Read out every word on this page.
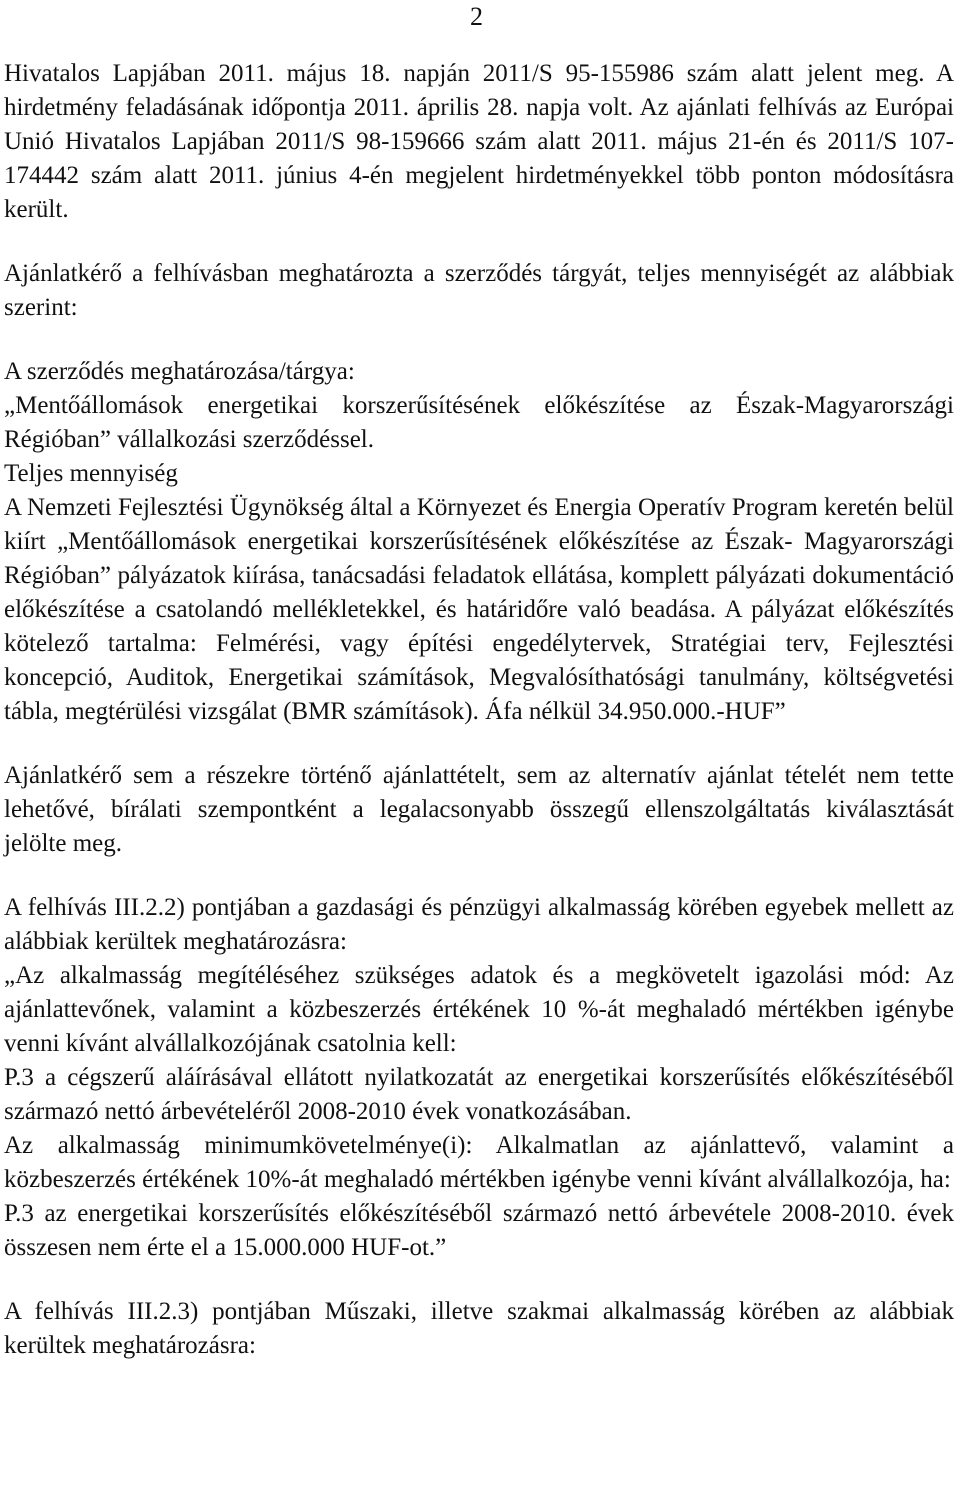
2

Hivatalos Lapjában 2011. május 18. napján 2011/S 95-155986 szám alatt jelent meg. A hirdetmény feladásának időpontja 2011. április 28. napja volt. Az ajánlati felhívás az Európai Unió Hivatalos Lapjában 2011/S 98-159666 szám alatt 2011. május 21-én és 2011/S 107-174442 szám alatt 2011. június 4-én megjelent hirdetményekkel több ponton módosításra került.

Ajánlatkérő a felhívásban meghatározta a szerződés tárgyát, teljes mennyiségét az alábbiak szerint:

A szerződés meghatározása/tárgya:

„Mentőállomások energetikai korszerűsítésének előkészítése az Észak-Magyarországi Régióban” vállalkozási szerződéssel.

Teljes mennyiség

A Nemzeti Fejlesztési Ügynökség által a Környezet és Energia Operatív Program keretén belül kiírt „Mentőállomások energetikai korszerűsítésének előkészítése az Észak- Magyarországi Régióban” pályázatok kiírása, tanácsadási feladatok ellátása, komplett pályázati dokumentáció előkészítése a csatolandó mellékletekkel, és határidőre való beadása. A pályázat előkészítés kötelező tartalma: Felmérési, vagy építési engedélytervek, Stratégiai terv, Fejlesztési koncepció, Auditok, Energetikai számítások, Megvalósíthatósági tanulmány, költségvetési tábla, megtérülési vizsgálat (BMR számítások). Áfa nélkül 34.950.000.-HUF”

Ajánlatkérő sem a részekre történő ajánlattételt, sem az alternatív ajánlat tételét nem tette lehetővé, bírálati szempontként a legalacsonyabb összegű ellenszolgáltatás kiválasztását jelölte meg.

A felhívás III.2.2) pontjában a gazdasági és pénzügyi alkalmasság körében egyebek mellett az alábbiak kerültek meghatározásra:

„Az alkalmasság megítéléséhez szükséges adatok és a megkövetelt igazolási mód: Az ajánlattevőnek, valamint a közbeszerzés értékének 10 %-át meghaladó mértékben igénybe venni kívánt alvállalkozójának csatolnia kell:

P.3 a cégszerű aláírásával ellátott nyilatkozatát az energetikai korszerűsítés előkészítéséből származó nettó árbevételéről 2008-2010 évek vonatkozásában.

Az alkalmasság minimumkövetelménye(i): Alkalmatlan az ajánlattevő, valamint a közbeszerzés értékének 10%-át meghaladó mértékben igénybe venni kívánt alvállalkozója, ha:

P.3 az energetikai korszerűsítés előkészítéséből származó nettó árbevétele 2008-2010. évek összesen nem érte el a 15.000.000 HUF-ot.”

A felhívás III.2.3) pontjában Műszaki, illetve szakmai alkalmasság körében az alábbiak kerültek meghatározásra:
